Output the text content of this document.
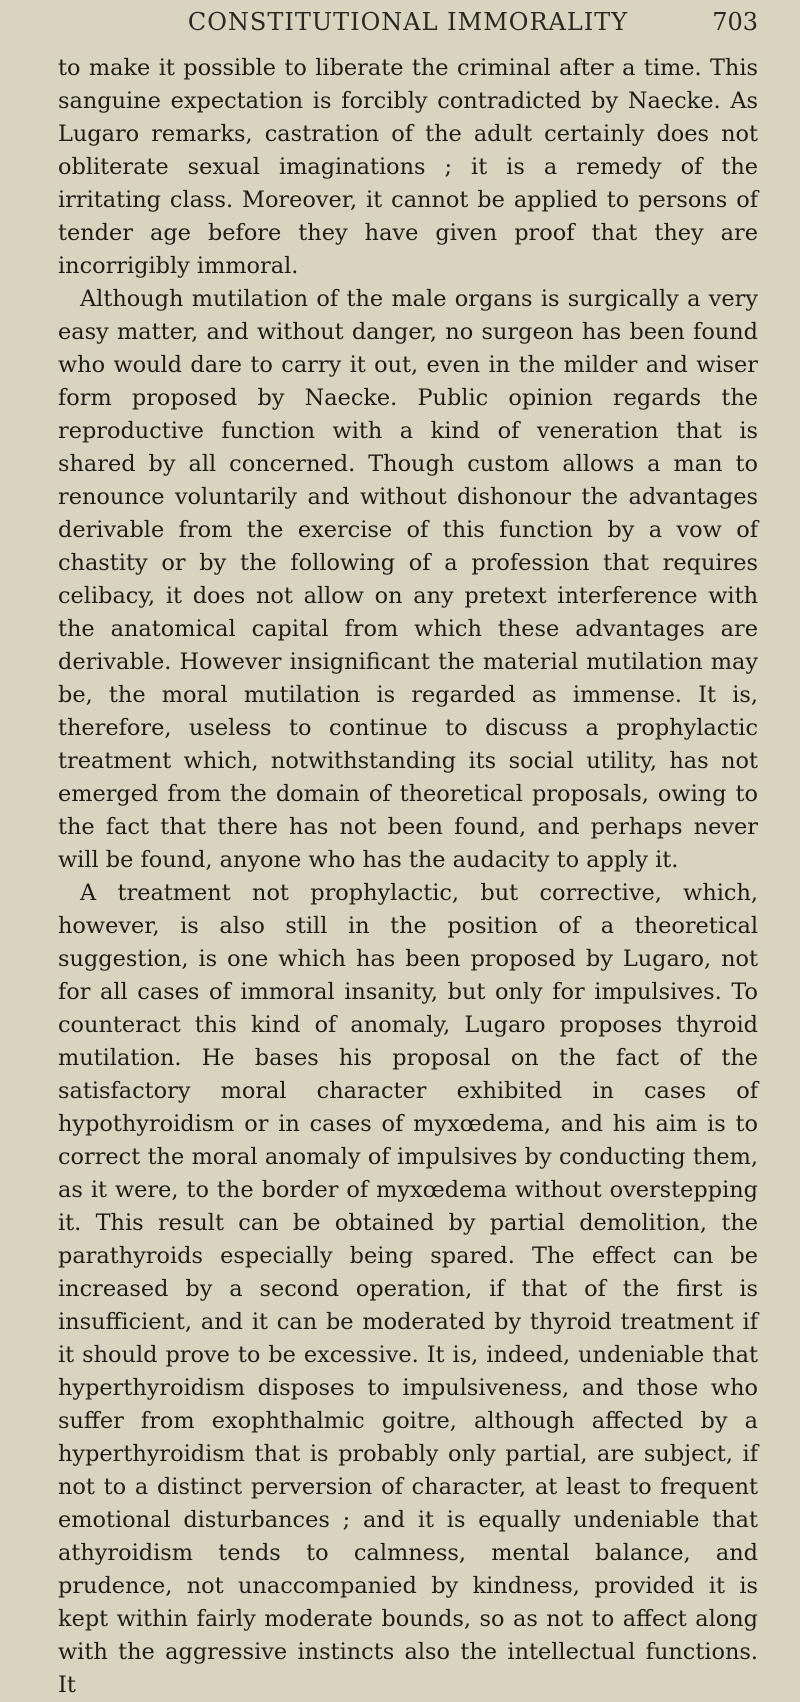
CONSTITUTIONAL IMMORALITY	703

to make it possible to liberate the criminal after a time. This sanguine expectation is forcibly contradicted by Naecke. As Lugaro remarks, castration of the adult certainly does not obliterate sexual imaginations ; it is a remedy of the irritating class. Moreover, it cannot be applied to persons of tender age before they have given proof that they are incorrigibly immoral.

Although mutilation of the male organs is surgically a very easy matter, and without danger, no surgeon has been found who would dare to carry it out, even in the milder and wiser form proposed by Naecke. Public opinion regards the reproductive function with a kind of veneration that is shared by all concerned. Though custom allows a man to renounce voluntarily and without dishonour the advantages derivable from the exercise of this function by a vow of chastity or by the following of a profession that requires celibacy, it does not allow on any pretext interference with the anatomical capital from which these advantages are derivable. However insignificant the material mutilation may be, the moral mutilation is regarded as immense. It is, therefore, useless to continue to discuss a prophylactic treatment which, notwithstanding its social utility, has not emerged from the domain of theoretical proposals, owing to the fact that there has not been found, and perhaps never will be found, anyone who has the audacity to apply it.

A treatment not prophylactic, but corrective, which, however, is also still in the position of a theoretical suggestion, is one which has been proposed by Lugaro, not for all cases of immoral insanity, but only for impulsives. To counteract this kind of anomaly, Lugaro proposes thyroid mutilation. He bases his proposal on the fact of the satisfactory moral character exhibited in cases of hypothyroidism or in cases of myxœdema, and his aim is to correct the moral anomaly of impulsives by conducting them, as it were, to the border of myxœdema without overstepping it. This result can be obtained by partial demolition, the parathyroids especially being spared. The effect can be increased by a second operation, if that of the first is insufficient, and it can be moderated by thyroid treatment if it should prove to be excessive. It is, indeed, undeniable that hyperthyroidism disposes to impulsiveness, and those who suffer from exophthalmic goitre, although affected by a hyperthyroidism that is probably only partial, are subject, if not to a distinct perversion of character, at least to frequent emotional disturbances ; and it is equally undeniable that athyroidism tends to calmness, mental balance, and prudence, not unaccompanied by kindness, provided it is kept within fairly moderate bounds, so as not to affect along with the aggressive instincts also the intellectual functions. It
